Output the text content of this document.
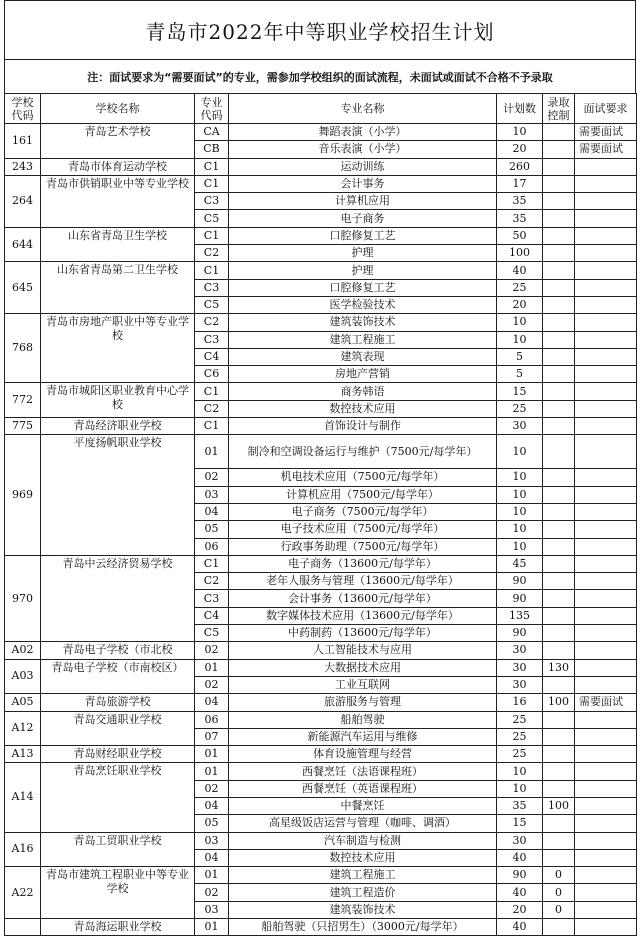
青岛市2022年中等职业学校招生计划
注：面试要求为“需要面试”的专业，需参加学校组织的面试流程，未面试或面试不合格不予录取
学校代码	学校名称	专业代码	专业名称	计划数	录取控制	面试要求
161	青岛艺术学校	CA	舞蹈表演（小学）	10		需要面试
		CB	音乐表演（小学）	20		需要面试
243	青岛市体育运动学校	C1	运动训练	260		
264	青岛市供销职业中等专业学校	C1	会计事务	17		
		C3	计算机应用	35		
		C5	电子商务	35		
644	山东省青岛卫生学校	C1	口腔修复工艺	50		
		C2	护理	100		
645	山东省青岛第二卫生学校	C1	护理	40		
		C3	口腔修复工艺	25		
		C5	医学检验技术	20		
768	青岛市房地产职业中等专业学校	C2	建筑装饰技术	10		
		C3	建筑工程施工	10		
		C4	建筑表现	5		
		C6	房地产营销	5		
772	青岛市城阳区职业教育中心学校	C1	商务韩语	15		
		C2	数控技术应用	25		
775	青岛经济职业学校	C1	首饰设计与制作	30		
969	平度扬帆职业学校	01	制冷和空调设备运行与维护（7500元/每学年）	10		
		02	机电技术应用（7500元/每学年）	10		
		03	计算机应用（7500元/每学年）	10		
		04	电子商务（7500元/每学年）	10		
		05	电子技术应用（7500元/每学年）	10		
		06	行政事务助理（7500元/每学年）	10		
970	青岛中云经济贸易学校	C1	电子商务（13600元/每学年）	45		
		C2	老年人服务与管理（13600元/每学年）	90		
		C3	会计事务（13600元/每学年）	90		
		C4	数字媒体技术应用（13600元/每学年）	135		
		C5	中药制药（13600元/每学年）	90		
A02	青岛电子学校（市北校	02	人工智能技术与应用	30		
A03	青岛电子学校（市南校区）	01	大数据技术应用	30	130	
		02	工业互联网	30		
A05	青岛旅游学校	04	旅游服务与管理	16	100	需要面试
A12	青岛交通职业学校	06	船舶驾驶	25		
		07	新能源汽车运用与维修	25		
A13	青岛财经职业学校	01	体育设施管理与经营	25		
A14	青岛烹饪职业学校	01	西餐烹饪（法语课程班）	10		
		02	西餐烹饪（英语课程班）	10		
		04	中餐烹饪	35	100	
		05	高星级饭店运营与管理（咖啡、调酒）	15		
A16	青岛工贸职业学校	03	汽车制造与检测	30		
		04	数控技术应用	40		
A22	青岛市建筑工程职业中等专业学校	01	建筑工程施工	90	0	
		02	建筑工程造价	40	0	
		03	建筑装饰技术	20	0	
	青岛海运职业学校	01	船舶驾驶（只招男生）（3000元/每学年）	40		
